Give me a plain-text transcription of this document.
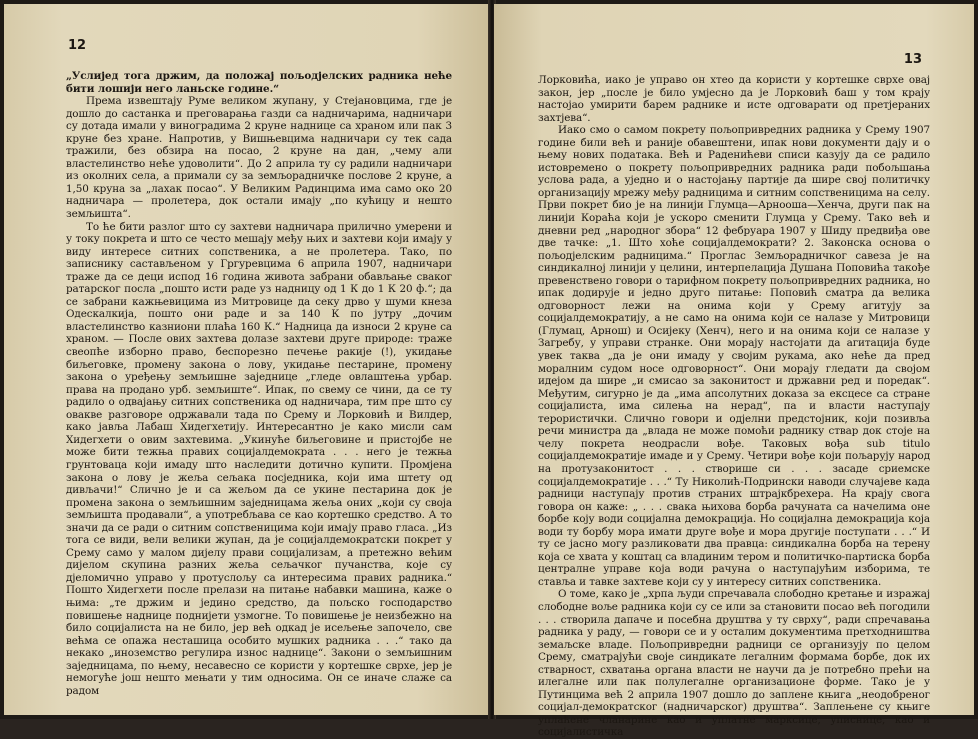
12

„Услијед тога држим, да положај пољодјелских радника неће бити лошији него ланьске године.“

Према извештају Руме великом жупану, у Стејановцима, где је дошло до састанка и преговарања газди са надничарима, надничари су дотада имали у виноградима 2 круне наднице са храном или пак 3 круне без хране. Напротив, у Вишњевцима надничари су тек сада тражили, без обзира на посао, 2 круне на дан, „чему али властелинство неће удоволити“. До 2 априла ту су радили надничари из околних села, а примали су за земљорадничке послове 2 круне, а 1,50 круна за „лахак посао“. У Великим Радинцима има само око 20 надничара — пролетера, док остали имају „по кућицу и нешто земљишта“.

То ће бити разлог што су захтеви надничара прилично умерени и у току покрета и што се често мешају међу њих и захтеви који имају у виду интересе ситних сопственика, а не пролетера. Тако, по записнику састављеном у Гргуревцима 6 априла 1907, надничари траже да се деци испод 16 година живота забрани обављање сваког ратарског посла „пошто исти раде уз надницу од 1 К до 1 К 20 ф.“; да се забрани кажњевицима из Митровице да секу дрво у шуми кнеза Одескалкија, пошто они раде и за 140 К по јутру „дочим властелинство казниони плаћа 160 К.“ Надница да износи 2 круне са храном. — После ових захтева долазе захтеви друге природе: траже свеопће изборно право, беспорезно печење ракије (!), укидање биљеговке, промену закона о лову, укидање пестарине, промену закона о уређењу земљишне заједнице „гледе овлаштења урбар. права на продано урб. земљиште“. Ипак, по свему се чини, да се ту радило о одвајању ситних сопственика од надничара, тим пре што су овакве разговоре одржавали тада по Срему и Лорковић и Вилдер, како јавља Лабаш Хидегхетију. Интересантно је како мисли сам Хидегхети о овим захтевима. „Укинуће биљеговине и пристојбе не може бити тежња правих социјалдемократа . . . него је тежња грунтоваца који имаду што наследити дотично купити. Промјена закона о лову је жеља сељака посједника, који има штету од дивљачи!“ Слично је и са жељом да се укине пестарина док је промена закона о земљишним заједницама жеља оних „који су своја земљишта продавали“, а употребљава се као кортешко средство. А то значи да се ради о ситним сопственицима који имају право гласа. „Из тога се види, вели велики жупан, да је социјалдемократски покрет у Срему само у малом дијелу прави социјализам, а претежно већим дијелом скупина разних жеља сељачког пучанства, које су дјеломично управо у протуслољу са интересима правих радника.“ Пошто Хидегхети после прелази на питање набавки машина, каже о њима: „те држим и једино средство, да пољско господарство повишење наднице поднијети узмогне. То повишење је неизбежно на било социјалиста на не било, јер већ одкад је исељење започело, све већма се опажа несташица особито мушких радника . . .“ тако да некако „иноземство регулира износ наднице“. Закони о земљишним заједницама, по њему, несавесно се користи у кортешке сврхе, јер је немогуће још нешто мењати у тим односима. Он се иначе слаже са радом

13

Лорковића, иако је управо он хтео да користи у кортешке сврхе овај закон, јер „после је било умјесно да је Лорковић баш у том крају настојао умирити барем раднике и исте одговарати од претјераних захтјева“.

Иако смо о самом покрету пољопривредних радника у Срему 1907 године били већ и раније обавештени, ипак нови документи дају и о њему нових података. Већ и Раденићеви списи казују да се радило истовремено о покрету пољопривредних радника ради побољшања услова рада, а уједно и о настојању партије да шире свој политичку организацију мрежу међу радницима и ситним сопственицима на селу. Први покрет био је на линији Глумца—Арнооша—Хенча, други пак на линији Кораћа који је ускоро сменити Глумца у Срему. Тако већ и дневни ред „народног збора“ 12 фебруара 1907 у Шиду предвиђа ове две тачке: „1. Што хоће социјалдемократи? 2. Законска основа о пољодјелским радницима.“ Проглас Земљорадничког савеза је на синдикалној линији у целини, интерпелација Душана Поповића такође превенствено говори о тарифном покрету пољопривредних радника, но ипак додирује и једно друго питање: Поповић сматра да велика одговорност лежи на онима који у Срему агитују за социјалдемократију, а не само на онима који се налазе у Митровици (Глумац, Арнош) и Осијеку (Хенч), него и на онима који се налазе у Загребу, у управи странке. Они морају настојати да агитација буде увек таква „да је они имаду у својим рукама, ако неће да пред моралним судом носе одговорност“. Они морају гледати да својом идејом да шире „и смисао за законитост и државни ред и поредак“. Међутим, сигурно је да „има апсолутних доказа за ексцесе са стране социјалиста, има силења на нерад“, па и власти наступају терористички. Слично говори и одјелни предстојник, који позивља речи министра да „влада не може помоћи раднику ствар док стоје на челу покрета неодрасли вође. Таковых вођа sub titulo социјалдемократије имаде и у Срему. Четири вође који пољарују народ на протузаконитост . . . створише си . . . засаде сриемске социјалдемократије . . .“ Ту Николић-Подрински наводи случајеве када радници наступају против страних штрајкбрехера. На крају свога говора он каже: „ . . . свака њихова борба рачуната са начелима оне борбе коју води социјална демокрација. Но социјална демокрација која води ту борбу мора имати друге вође и мора другије поступати . . .“ И ту се јасно могу разликовати два правца: синдикална борба на терену која се хвата у коштац са владиним тером и политичко-партиска борба централне управе која води рачуна о наступајућим изборима, те ставља и тавке захтеве који су у интересу ситних сопственика.

О томе, како је „хрпа људи спречавала слободно кретање и изражај слободне воље радника који су се или за становити посао већ погодили . . . створила дапаче и посебна друштва у ту сврху“, ради спречавања радника у раду, — говори се и у осталим документима претходништва земаљске владе. Пољопривредни радници се организују по целом Срему, сматрајући своје синдикате легалним формама борбе, док их стварност, схватања органа власти не научи да је потребно прећи на илегалне или пак полулегалне организационе форме. Тако је у Путинцима већ 2 априла 1907 дошло до заплене књига „неодобреног социјал-демократског (надничарског) друштва“. Заплењене су књиге уплаћене чланарине као и уплатне марксице, уписнице, као и социјалистичка
